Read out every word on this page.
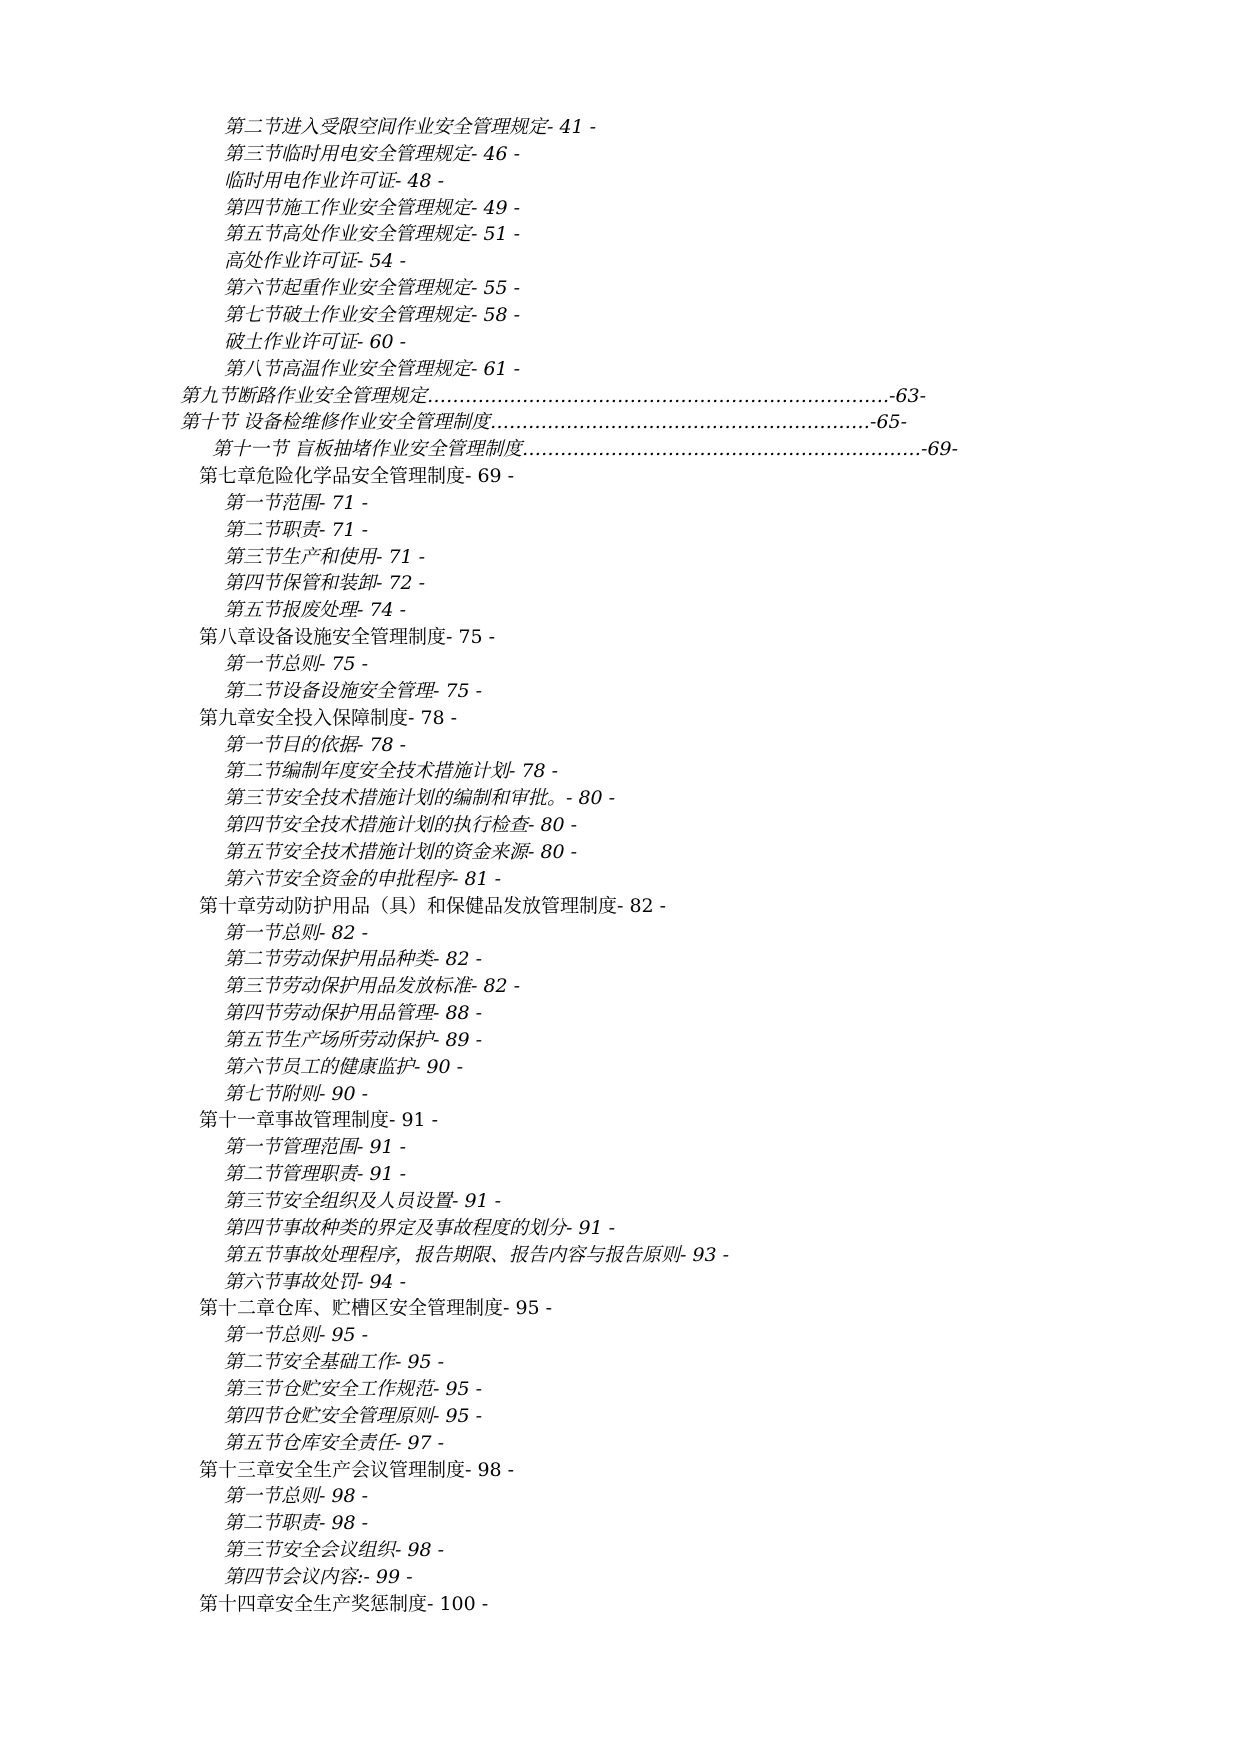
第二节进入受限空间作业安全管理规定- 41 -
第三节临时用电安全管理规定- 46 -
临时用电作业许可证- 48 -
第四节施工作业安全管理规定- 49 -
第五节高处作业安全管理规定- 51 -
高处作业许可证- 54 -
第六节起重作业安全管理规定- 55 -
第七节破土作业安全管理规定- 58 -
破土作业许可证- 60 -
第八节高温作业安全管理规定- 61 -
第九节断路作业安全管理规定……………………………………………………………….-63-
第十节 设备检维修作业安全管理制度……………………………………………………-65-
第十一节 盲板抽堵作业安全管理制度………………………………………………………-69-
第七章危险化学品安全管理制度- 69 -
第一节范围- 71 -
第二节职责- 71 -
第三节生产和使用- 71 -
第四节保管和装卸- 72 -
第五节报废处理- 74 -
第八章设备设施安全管理制度- 75 -
第一节总则- 75 -
第二节设备设施安全管理- 75 -
第九章安全投入保障制度- 78 -
第一节目的依据- 78 -
第二节编制年度安全技术措施计划- 78 -
第三节安全技术措施计划的编制和审批。- 80 -
第四节安全技术措施计划的执行检查- 80 -
第五节安全技术措施计划的资金来源- 80 -
第六节安全资金的申批程序- 81 -
第十章劳动防护用品（具）和保健品发放管理制度- 82 -
第一节总则- 82 -
第二节劳动保护用品种类- 82 -
第三节劳动保护用品发放标准- 82 -
第四节劳动保护用品管理- 88 -
第五节生产场所劳动保护- 89 -
第六节员工的健康监护- 90 -
第七节附则- 90 -
第十一章事故管理制度- 91 -
第一节管理范围- 91 -
第二节管理职责- 91 -
第三节安全组织及人员设置- 91 -
第四节事故种类的界定及事故程度的划分- 91 -
第五节事故处理程序，报告期限、报告内容与报告原则- 93 -
第六节事故处罚- 94 -
第十二章仓库、贮槽区安全管理制度- 95 -
第一节总则- 95 -
第二节安全基础工作- 95 -
第三节仓贮安全工作规范- 95 -
第四节仓贮安全管理原则- 95 -
第五节仓库安全责任- 97 -
第十三章安全生产会议管理制度- 98 -
第一节总则- 98 -
第二节职责- 98 -
第三节安全会议组织- 98 -
第四节会议内容:- 99 -
第十四章安全生产奖惩制度- 100 -
